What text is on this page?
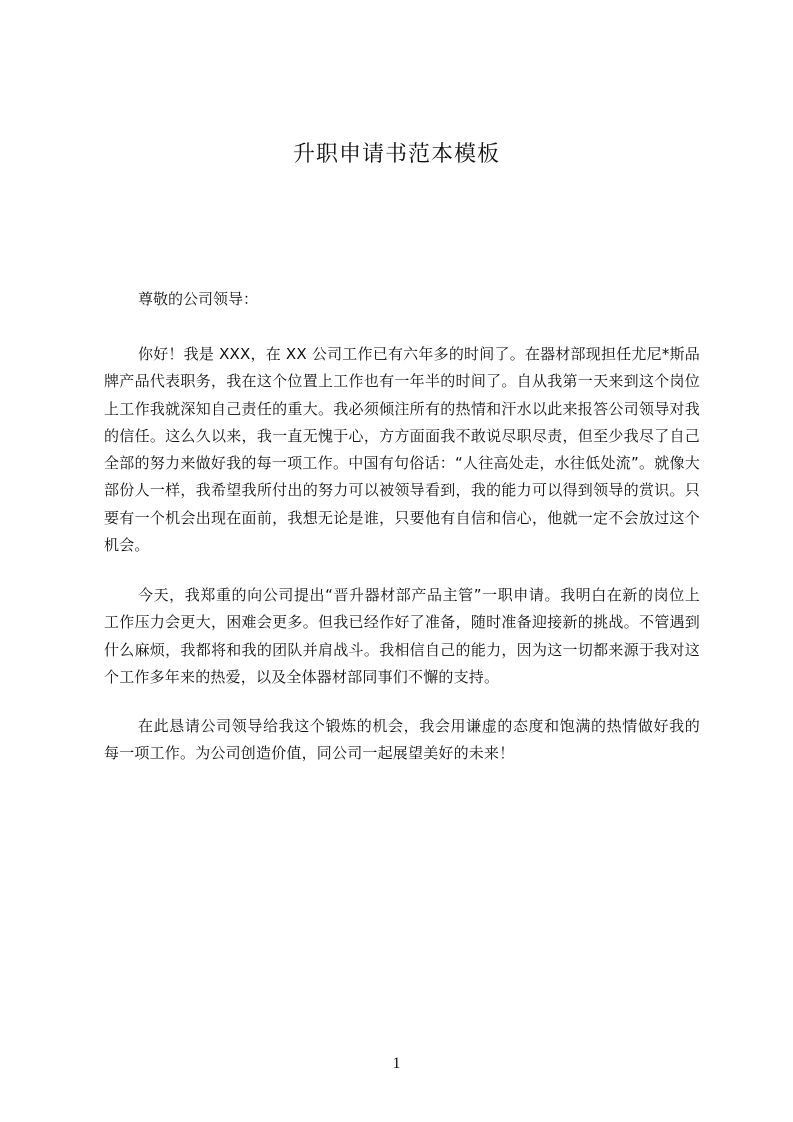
升职申请书范本模板
尊敬的公司领导：

你好！我是 XXX，在 XX 公司工作已有六年多的时间了。在器材部现担任尤尼*斯品牌产品代表职务，我在这个位置上工作也有一年半的时间了。自从我第一天来到这个岗位上工作我就深知自己责任的重大。我必须倾注所有的热情和汗水以此来报答公司领导对我的信任。这么久以来，我一直无愧于心，方方面面我不敢说尽职尽责，但至少我尽了自己全部的努力来做好我的每一项工作。中国有句俗话：“人往高处走，水往低处流”。就像大部份人一样，我希望我所付出的努力可以被领导看到，我的能力可以得到领导的赏识。只要有一个机会出现在面前，我想无论是谁，只要他有自信和信心，他就一定不会放过这个机会。

今天，我郑重的向公司提出“晋升器材部产品主管”一职申请。我明白在新的岗位上工作压力会更大，困难会更多。但我已经作好了准备，随时准备迎接新的挑战。不管遇到什么麻烦，我都将和我的团队并肩战斗。我相信自己的能力，因为这一切都来源于我对这个工作多年来的热爱，以及全体器材部同事们不懈的支持。

在此恳请公司领导给我这个锻炼的机会，我会用谦虚的态度和饱满的热情做好我的每一项工作。为公司创造价值，同公司一起展望美好的未来！

1
